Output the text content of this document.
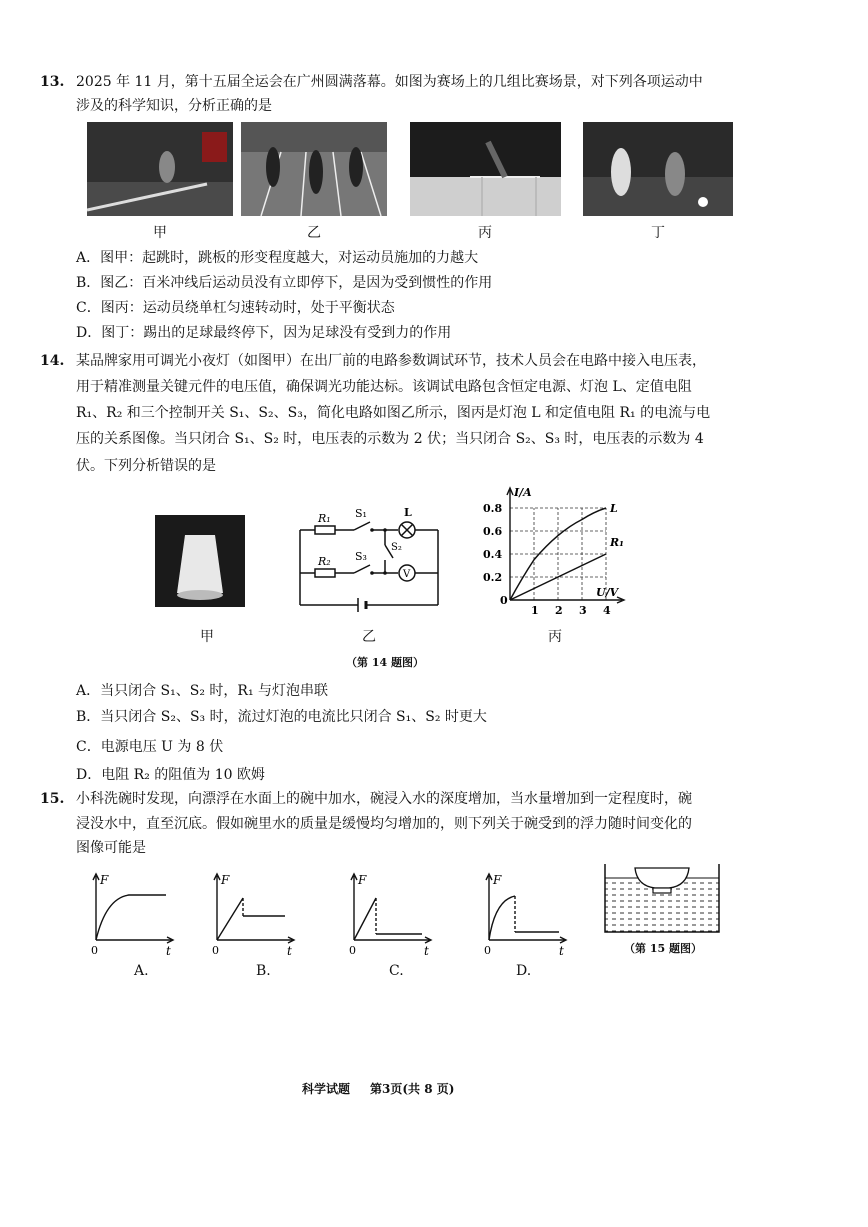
13. 2025 年 11 月，第十五届全运会在广州圆满落幕。如图为赛场上的几组比赛场景，对下列各项运动中
涉及的科学知识，分析正确的是
甲	乙	丙	丁
A．图甲：起跳时，跳板的形变程度越大，对运动员施加的力越大
B．图乙：百米冲线后运动员没有立即停下，是因为受到惯性的作用
C．图丙：运动员绕单杠匀速转动时，处于平衡状态
D．图丁：踢出的足球最终停下，因为足球没有受到力的作用
14. 某品牌家用可调光小夜灯（如图甲）在出厂前的电路参数调试环节，技术人员会在电路中接入电压表，
用于精准测量关键元件的电压值，确保调光功能达标。该调试电路包含恒定电源、灯泡 L、定值电阻
R₁、R₂ 和三个控制开关 S₁、S₂、S₃，简化电路如图乙所示，图丙是灯泡 L 和定值电阻 R₁ 的电流与电
压的关系图像。当只闭合 S₁、S₂ 时，电压表的示数为 2 伏；当只闭合 S₂、S₃ 时，电压表的示数为 4
伏。下列分析错误的是
R₁ S₁	L
S₂
R₂ S₃
V
I/A
U/V
0
1 2 3 4
0.2
0.4
0.6
0.8	L
R₁
甲	乙	丙
（第 14 题图）
A．当只闭合 S₁、S₂ 时，R₁ 与灯泡串联
B．当只闭合 S₂、S₃ 时，流过灯泡的电流比只闭合 S₁、S₂ 时更大
C．电源电压 U 为 8 伏
D．电阻 R₂ 的阻值为 10 欧姆
15. 小科洗碗时发现，向漂浮在水面上的碗中加水，碗浸入水的深度增加，当水量增加到一定程度时，碗
浸没水中，直至沉底。假如碗里水的质量是缓慢均匀增加的，则下列关于碗受到的浮力随时间变化的
图像可能是
F
0	t
F
0	t
F
0	t
F
0	t
A.	B.	C.	D.
（第 15 题图）
科学试题 第3页(共 8 页)
